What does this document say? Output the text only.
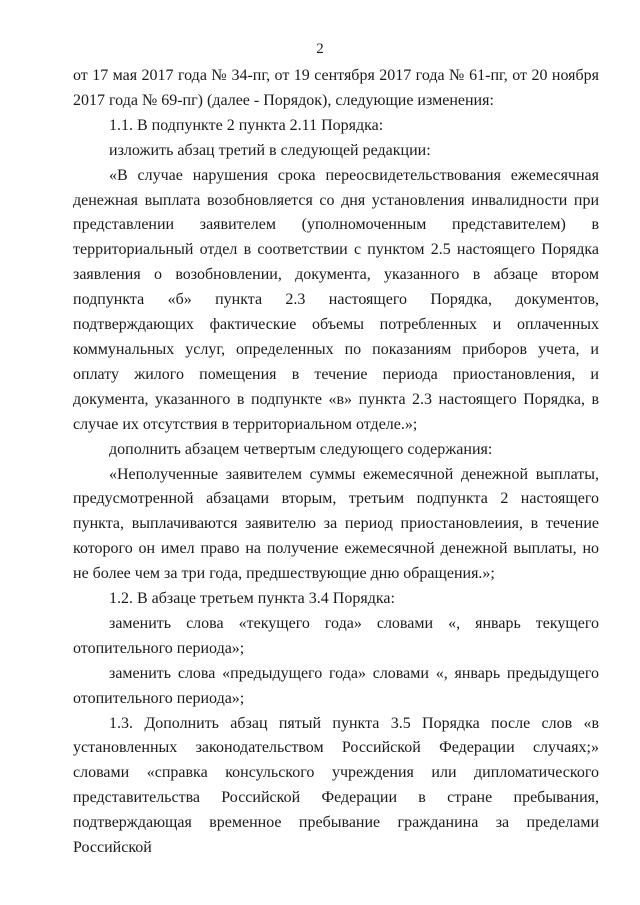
2

от 17 мая 2017 года № 34-пг, от 19 сентября 2017 года № 61-пг, от 20 ноября 2017 года № 69-пг) (далее - Порядок), следующие изменения:

1.1. В подпункте 2 пункта 2.11 Порядка:

изложить абзац третий в следующей редакции:

«В случае нарушения срока переосвидетельствования ежемесячная денежная выплата возобновляется со дня установления инвалидности при представлении заявителем (уполномоченным представителем) в территориальный отдел в соответствии с пунктом 2.5 настоящего Порядка заявления о возобновлении, документа, указанного в абзаце втором подпункта «б» пункта 2.3 настоящего Порядка, документов, подтверждающих фактические объемы потребленных и оплаченных коммунальных услуг, определенных по показаниям приборов учета, и оплату жилого помещения в течение периода приостановления, и документа, указанного в подпункте «в» пункта 2.3 настоящего Порядка, в случае их отсутствия в территориальном отделе.»;

дополнить абзацем четвертым следующего содержания:

«Неполученные заявителем суммы ежемесячной денежной выплаты, предусмотренной абзацами вторым, третьим подпункта 2 настоящего пункта, выплачиваются заявителю за период приостановлеиия, в течение которого он имел право на получение ежемесячной денежной выплаты, но не более чем за три года, предшествующие дню обращения.»;

1.2. В абзаце третьем пункта 3.4 Порядка:

заменить слова «текущего года» словами «, январь текущего отопительного периода»;

заменить слова «предыдущего года» словами «, январь предыдущего отопительного периода»;

1.3. Дополнить абзац пятый пункта 3.5 Порядка после слов «в установленных законодательством Российской Федерации случаях;» словами «справка консульского учреждения или дипломатического представительства Российской Федерации в стране пребывания, подтверждающая временное пребывание гражданина за пределами Российской
